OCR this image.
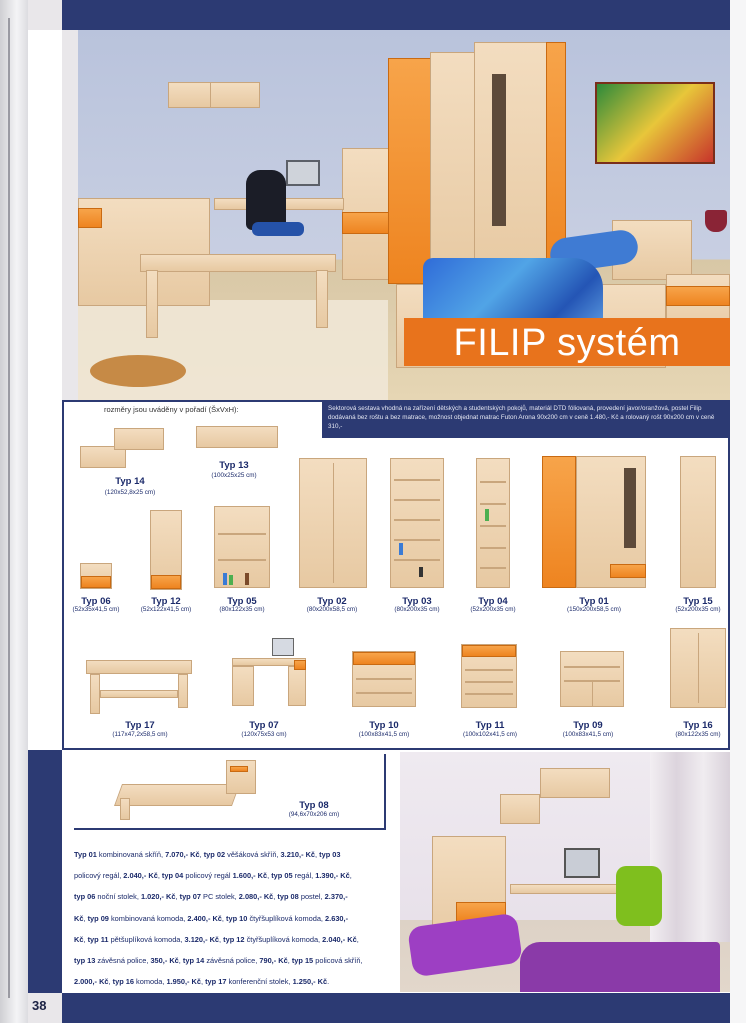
FILIP systém
Sektorová sestava vhodná na zařízení dětských a studentských pokojů, materiál DTD fóliovaná, provedení javor/oranžová, postel Filip dodávaná bez roštu a bez matrace, možnost objednat matrac Futon Arona 90x200 cm v ceně 1.480,- Kč a rolovaný rošt 90x200 cm v ceně 310,-
rozměry jsou uváděny v pořadí (ŠxVxH):
Typ 14
(120x52,8x25 cm)
Typ 13
(100x25x25 cm)
Typ 06
(52x35x41,5 cm)
Typ 12
(52x122x41,5 cm)
Typ 05
(80x122x35 cm)
Typ 02
(80x200x58,5 cm)
Typ 03
(80x200x35 cm)
Typ 04
(52x200x35 cm)
Typ 01
(150x200x58,5 cm)
Typ 15
(52x200x35 cm)
Typ 17
(117x47,2x58,5 cm)
Typ 07
(120x75x53 cm)
Typ 10
(100x83x41,5 cm)
Typ 11
(100x102x41,5 cm)
Typ 09
(100x83x41,5 cm)
Typ 16
(80x122x35 cm)
Typ 08
(94,6x70x206 cm)
Typ 01 kombinovaná skříň, 7.070,- Kč, typ 02 věšáková skříň, 3.210,- Kč, typ 03
policový regál, 2.040,- Kč, typ 04 policový regál 1.600,- Kč, typ 05 regál, 1.390,- Kč,
typ 06 noční stolek, 1.020,- Kč, typ 07 PC stolek, 2.080,- Kč, typ 08 postel, 2.370,-
Kč, typ 09 kombinovaná komoda, 2.400,- Kč, typ 10 čtyřšuplíková komoda, 2.630,-
Kč, typ 11 pětšuplíková komoda, 3.120,- Kč, typ 12 čtyřšuplíková komoda, 2.040,- Kč,
typ 13 závěsná police, 350,- Kč, typ 14 závěsná police, 790,- Kč, typ 15 policová skříň,
2.000,- Kč, typ 16 komoda, 1.950,- Kč, typ 17 konferenční stolek, 1.250,- Kč.
38
